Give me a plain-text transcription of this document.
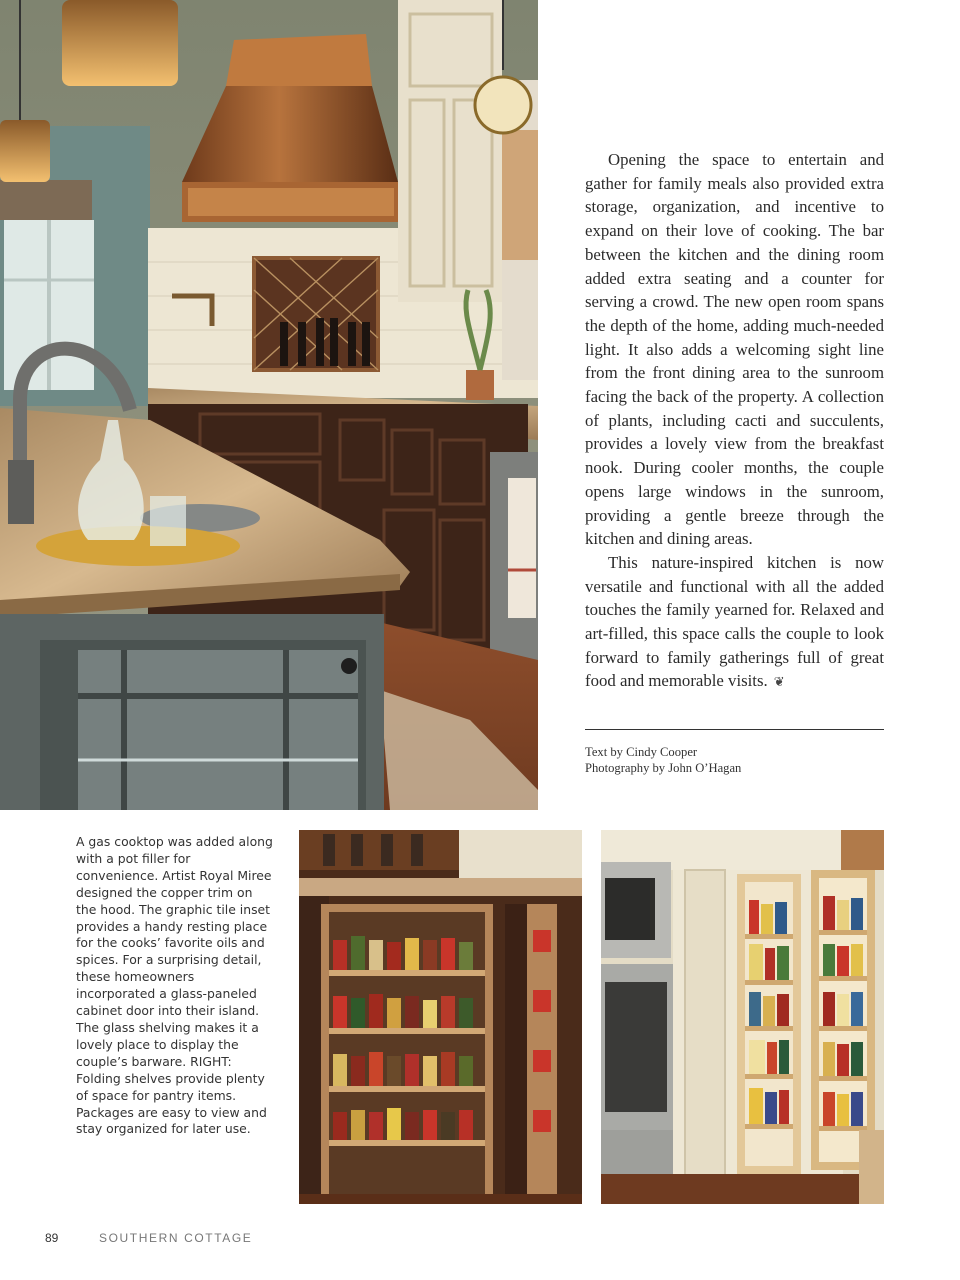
Opening the space to entertain and gather for family meals also provided extra storage, organization, and incentive to expand on their love of cooking. The bar between the kitchen and the dining room added extra seating and a counter for serving a crowd. The new open room spans the depth of the home, adding much-needed light. It also adds a welcoming sight line from the front dining area to the sunroom facing the back of the property. A collection of plants, including cacti and succulents, provides a lovely view from the breakfast nook. During cooler months, the couple opens large windows in the sunroom, providing a gentle breeze through the kitchen and dining areas.

This nature-inspired kitchen is now versatile and functional with all the added touches the family yearned for. Relaxed and art-filled, this space calls the couple to look forward to family gatherings full of great food and memorable visits. ❦

Text by Cindy Cooper
Photography by John O’Hagan
A gas cooktop was added along with a pot filler for convenience. Artist Royal Miree designed the copper trim on the hood. The graphic tile inset provides a handy resting place for the cooks’ favorite oils and spices. For a surprising detail, these homeowners incorporated a glass-paneled cabinet door into their island. The glass shelving makes it a lovely place to display the couple’s barware. RIGHT: Folding shelves provide plenty of space for pantry items. Packages are easy to view and stay organized for later use.
89	SOUTHERN COTTAGE
